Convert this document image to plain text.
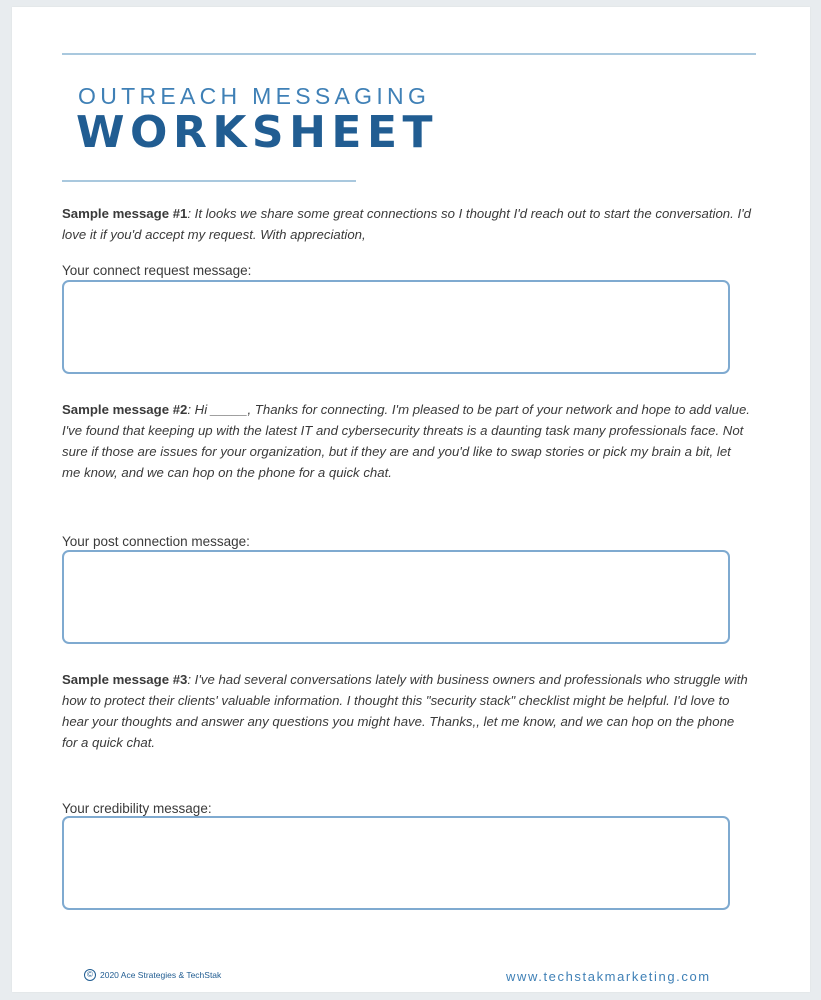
OUTREACH MESSAGING
WORKSHEET
Sample message #1: It looks we share some great connections so I thought I'd reach out to start the conversation. I'd love it if you'd accept my request. With appreciation,
Your connect request message:
Sample message #2: Hi _____, Thanks for connecting. I'm pleased to be part of your network and hope to add value. I've found that keeping up with the latest IT and cybersecurity threats is a daunting task many professionals face. Not sure if those are issues for your organization, but if they are and you'd like to swap stories or pick my brain a bit, let me know, and we can hop on the phone for a quick chat.
Your post connection message:
Sample message #3: I've had several conversations lately with business owners and professionals who struggle with how to protect their clients' valuable information. I thought this "security stack" checklist might be helpful. I'd love to hear your thoughts and answer any questions you might have. Thanks,, let me know, and we can hop on the phone for a quick chat.
Your credibility message:
© 2020 Ace Strategies & TechStak	www.techstakmarketing.com
